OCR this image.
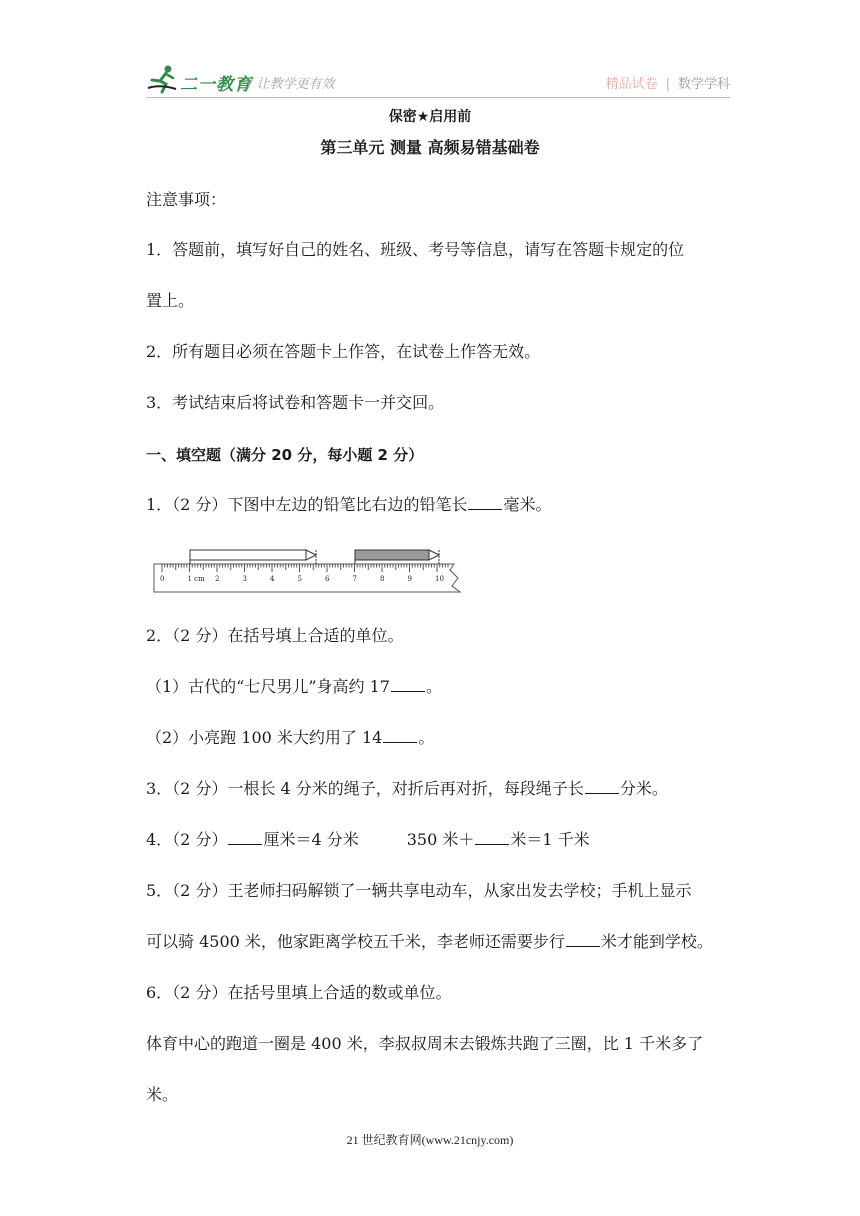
二一教育
/ 让教学更有效	精品试卷 | 数学学科
保密★启用前
第三单元 测量 高频易错基础卷
注意事项：
1．答题前，填写好自己的姓名、班级、考号等信息，请写在答题卡规定的位
置上。
2．所有题目必须在答题卡上作答，在试卷上作答无效。
3．考试结束后将试卷和答题卡一并交回。
一、填空题（满分 20 分，每小题 2 分）
1．（2 分）下图中左边的铅笔比右边的铅笔长 毫米。
0	1 cm 2	3	4	5	6	7	8	9	10
2．（2 分）在括号填上合适的单位。
（1）古代的“七尺男儿”身高约 17 。
（2）小亮跑 100 米大约用了 14 。
3．（2 分）一根长 4 分米的绳子，对折后再对折，每段绳子长 分米。
4．（2 分） 厘米＝4 分米	350 米＋ 米＝1 千米
5．（2 分）王老师扫码解锁了一辆共享电动车，从家出发去学校；手机上显示
可以骑 4500 米，他家距离学校五千米，李老师还需要步行 米才能到学校。
6．（2 分）在括号里填上合适的数或单位。
体育中心的跑道一圈是 400 米，李叔叔周末去锻炼共跑了三圈，比 1 千米多了
米。
21 世纪教育网(www.21cnjy.com)
